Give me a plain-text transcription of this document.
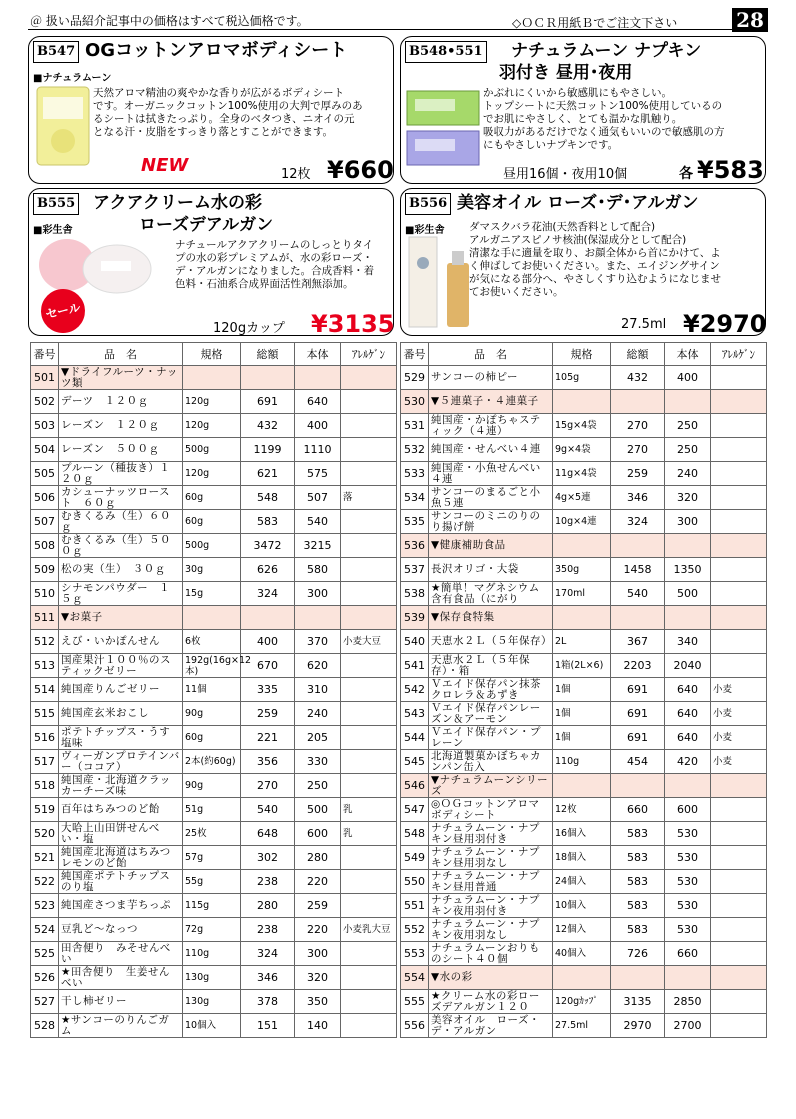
＠ 扱い品紹介記事中の価格はすべて税込価格です。	◇ＯＣＲ用紙Ｂでご注文下さい	28
B547 OGコットンアロマボディシート
■ナチュラムーン
天然アロマ精油の爽やかな香りが広がるボディシート
です。オーガニックコットン100%使用の大判で厚みのあ
るシートは拭きたっぷり。全身のベタつき、ニオイの元
となる汗・皮脂をすっきり落とすことができます。
NEW	12枚 ¥660
B548•551 ナチュラムーン ナプキン
羽付き 昼用･夜用
かぶれにくいから敏感肌にもやさしい。
トップシートに天然コットン100%使用しているの
でお肌にやさしく、とても温かな肌触り。
吸収力があるだけでなく通気もいいので敏感肌の方
にもやさしいナプキンです。
昼用16個・夜用10個	各 ¥583
B555 アクアクリーム水の彩
ローズデアルガン
■彩生舎
ナチュールアクアクリームのしっとりタイ
プの水の彩プレミアムが、水の彩ローズ・
デ・アルガンになりました。合成香料・着
色料・石油系合成界面活性剤無添加。
セール
120gカップ ¥3135
B556 美容オイル ローズ･デ･アルガン
■彩生舎 ダマスクバラ花油(天然香料として配合)
アルガニアスピノサ核油(保湿成分として配合)
清潔な手に適量を取り、お顔全体から首にかけて、よ
く伸ばしてお使いください。また、エイジングサイン
が気になる部分へ、やさしくすり込むようになじませ
てお使いください。
27.5ml ¥2970
番号	品　名	規格	総額	本体	ｱﾚﾙｹﾞﾝ
501	▼ドライフルーツ・ナッツ類				
502	デーツ　１２０ｇ	120g	691	640	
503	レーズン　１２０ｇ	120g	432	400	
504	レーズン　５００ｇ	500g	1199	1110	
505	プルーン（種抜き）１２０ｇ	120g	621	575	
506	カシューナッツロースト　６０ｇ	60g	548	507	落
507	むきくるみ（生）６０ｇ	60g	583	540	
508	むきくるみ（生）５００ｇ	500g	3472	3215	
509	松の実（生）　３０ｇ	30g	626	580	
510	シナモンパウダー　１５ｇ	15g	324	300	
511	▼お菓子				
512	えび・いかぽんせん	6枚	400	370	小麦大豆
513	国産果汁１００％のスティックゼリー	192g(16g×12本)	670	620	
514	純国産りんごゼリー	11個	335	310	
515	純国産玄米おこし	90g	259	240	
516	ポテトチップス・うす塩味	60g	221	205	
517	ヴィーガンプロテインバー（ココア）	2本(約60g)	356	330	
518	純国産・北海道クラッカーチーズ味	90g	270	250	
519	百年はちみつのど飴	51g	540	500	乳
520	大哈上山田饼せんべい・塩	25枚	648	600	乳
521	純国産北海道はちみつレモンのど飴	57g	302	280	
522	純国産ポテトチップス のり塩	55g	238	220	
523	純国産さつま芋ちっぷ	115g	280	259	
524	豆乳ど～なっつ	72g	238	220	小麦乳大豆
525	田舎便り　みそせんべい	110g	324	300	
526	★田舎便り　生姜せんべい	130g	346	320	
527	干し柿ゼリー	130g	378	350	
528	★サンコーのりんごガム	10個入	151	140	
番号	品　名	規格	総額	本体	ｱﾚﾙｹﾞﾝ
529	サンコーの柿ピー	105g	432	400	
530	▼５連菓子・４連菓子				
531	純国産・かぽちゃスティック（４連）	15g×4袋	270	250	
532	純国産・せんべい４連	9g×4袋	270	250	
533	純国産・小魚せんべい４連	11g×4袋	259	240	
534	サンコーのまるごと小魚５連	4g×5連	346	320	
535	サンコーのミニのりのり揚げ餅	10g×4連	324	300	
536	▼健康補助食品				
537	長沢オリゴ・大袋	350g	1458	1350	
538	★簡単！マグネシウム含有食品（にがり	170ml	540	500	
539	▼保存食特集				
540	天恵水２Ｌ（５年保存）	2L	367	340	
541	天恵水２Ｌ（５年保存）・箱	1箱(2L×6)	2203	2040	
542	Ｖエイド保存パン抹茶クロレラ＆あずき	1個	691	640	小麦
543	Ｖエイド保存パンレーズン＆アーモン	1個	691	640	小麦
544	Ｖエイド保存パン・プレーン	1個	691	640	小麦
545	北海道製菓かぼちゃカンパン缶入	110g	454	420	小麦
546	▼ナチュラムーンシリーズ				
547	◎ＯＧコットンアロマボディシート	12枚	660	600	
548	ナチュラムーン・ナプキン昼用羽付き	16個入	583	530	
549	ナチュラムーン・ナプキン昼用羽なし	18個入	583	530	
550	ナチュラムーン・ナプキン昼用普通	24個入	583	530	
551	ナチュラムーン・ナプキン夜用羽付き	10個入	583	530	
552	ナチュラムーン・ナプキン夜用羽なし	12個入	583	530	
553	ナチュラムーンおりものシート４０個	40個入	726	660	
554	▼水の彩				
555	★クリーム水の彩ローズデアルガン１２０	120gｶｯﾌﾟ	3135	2850	
556	美容オイル　ローズ・デ・アルガン	27.5ml	2970	2700	
